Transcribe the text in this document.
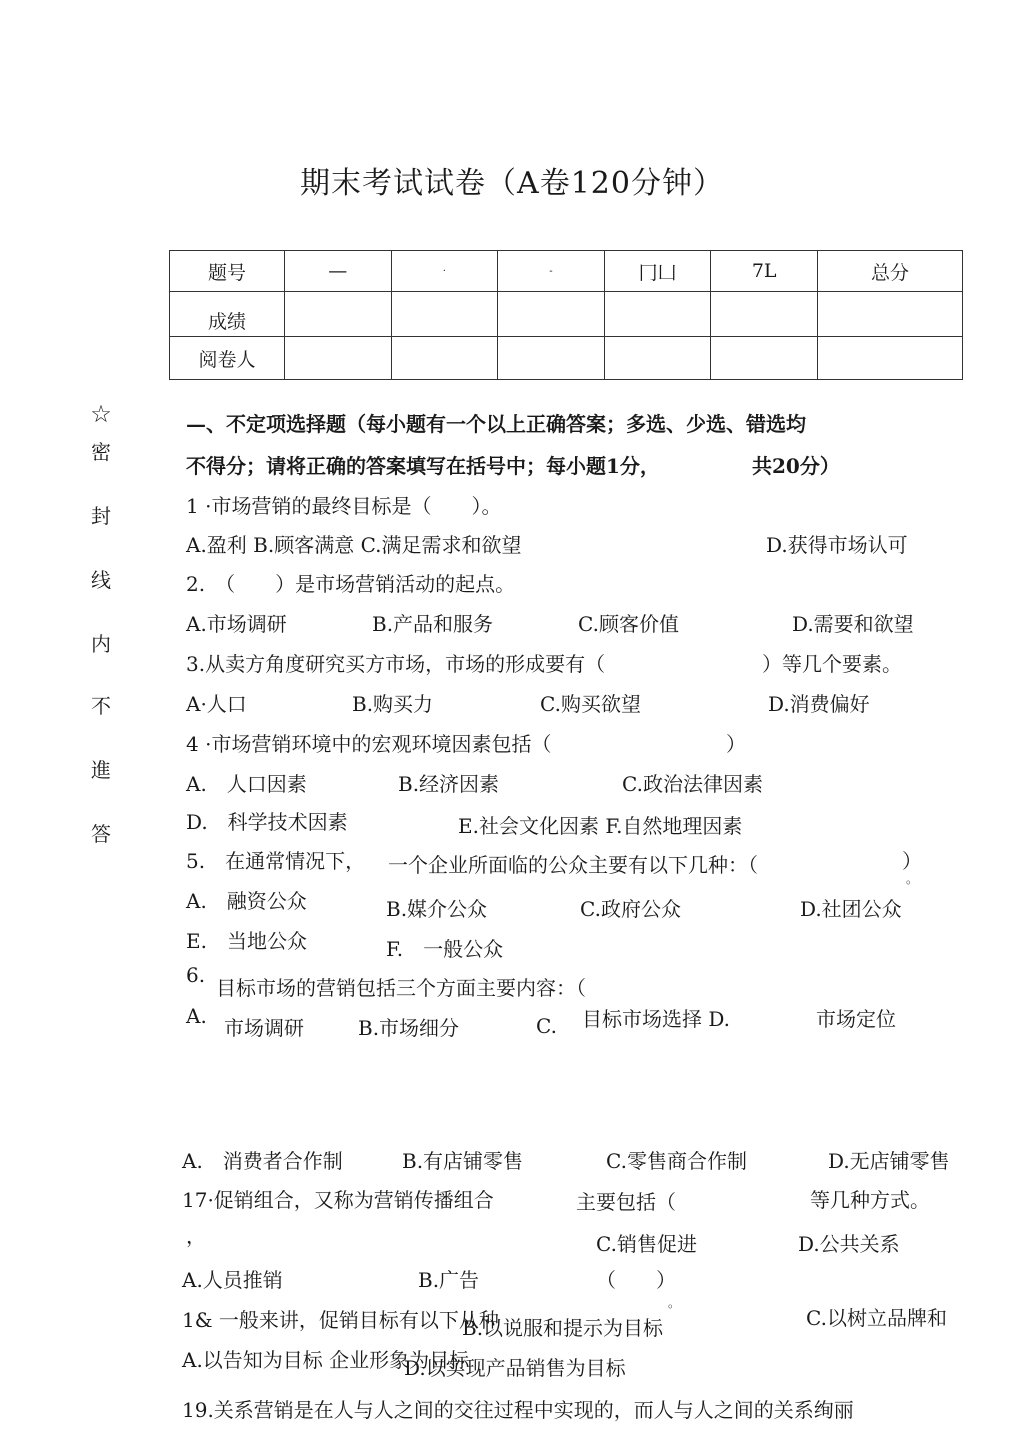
期末考试试卷（A卷120分钟）
题号	—	·	-	冂凵	7L	总分
成绩						
阅卷人						
☆
密
封
线
内
不
進
答
—、不定项选择题（每小题有一个以上正确答案；多选、少选、错选均
不得分；请将正确的答案填写在括号中；每小题1分，	共20分）
1 ·市场营销的最终目标是（　　）。
A.盈利 B.顾客满意 C.满足需求和欲望	D.获得市场认可
2.　（　　）是市场营销活动的起点。
A.市场调研	B.产品和服务	C.顾客价值	D.需要和欲望
3.从卖方角度研究买方市场，市场的形成要有（	）等几个要素。
A·人口	B.购买力	C.购买欲望	D.消费偏好
4 ·市场营销环境中的宏观环境因素包括（	）
A.　人口因素	B.经济因素	C.政治法律因素
D.　科学技术因素	E.社会文化因素 F.自然地理因素
5.　在通常情况下， 一个企业所面临的公众主要有以下几种：（	）
。
A.　融资公众	B.媒介公众	C.政府公众	D.社团公众
E.　当地公众	F.　一般公众
6.
目标市场的营销包括三个方面主要内容：（
A. 市场调研	B.市场细分	C. 目标市场选择 D.	市场定位
A.　消费者合作制	B.有店铺零售	C.零售商合作制	D.无店铺零售
17·促销组合，又称为营销传播组合	主要包括（	等几种方式。
，	C.销售促进	D.公共关系
A.人员推销	B.广告	（　　）
1& 一般来讲，促销目标有以下从种
。
B.以说服和提示为目标	C.以树立品牌和
A.以告知为目标 企业形象为目标
D.以实现产品销售为目标
19.关系营销是在人与人之间的交往过程中实现的，而人与人之间的关系绚丽
